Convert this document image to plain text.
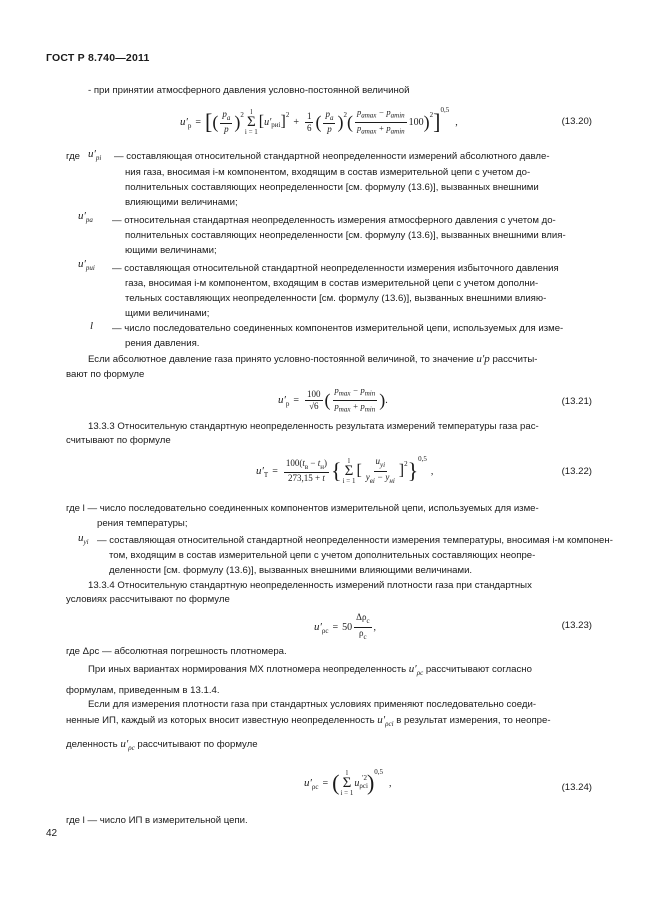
ГОСТ Р 8.740—2011
- при принятии атмосферного давления условно-постоянной величиной
u′ p = [ ( $\frac{p_a}{p} )^2$ l
Σ
i = 1
[ u′ pиi ]$^2$
+ $\frac{1}{6}$ ( $\frac{p_a}{p} )^2$ ( $\frac{p_{amax} - p_{amin}}{p_{amax} + p_{amin}} 100$ )$^2$ ]$^{0,5}$
,	(13.20)
где $u'_{pi}$ — составляющая относительной стандартной неопределенности измерений абсолютного давле-
ния газа, вносимая i-м компонентом, входящим в состав измерительной цепи с учетом до-
полнительных составляющих неопределенности [см. формулу (13.6)], вызванных внешними
влияющими величинами;
$u'_{pa}$ — относительная стандартная неопределенность измерения атмосферного давления с учетом до-
полнительных составляющих неопределенности [см. формулу (13.6)], вызванных внешними влия-
ющими величинами;
$u'_{pиi}$ — составляющая относительной стандартной неопределенности измерения избыточного давления
газа, вносимая i-м компонентом, входящим в состав измерительной цепи с учетом дополни-
тельных составляющих неопределенности [см. формулу (13.6)], вызванных внешними влияю-
щими величинами;
l — число последовательно соединенных компонентов измерительной цепи, используемых для изме-
рения давления.
Если абсолютное давление газа принято условно-постоянной величиной, то значение u′p рассчиты-
вают по формуле
u′ $p = \frac{100}{√6}$ ( $\frac{p_{max} - p_{min}}{p_{max} + p_{min}}$ ) .	(13.21)
13.3.3 Относительную стандартную неопределенность результата измерений температуры газа рас-
считывают по формуле
u′ $T = \frac{100(t_в - t_н)}{273,15 + t}$ { l
Σ
i = 1
[ $\frac{u_{yi}}{y_{вi} - y_{нi}} ]^2$ }$^{0,5}$
,	(13.22)
где l — число последовательно соединенных компонентов измерительной цепи, используемых для изме-
рения температуры;
$u_{yi}$ — составляющая относительной стандартной неопределенности измерения температуры, вносимая i-м компонен-
том, входящим в состав измерительной цепи с учетом дополнительных составляющих неопре-
деленности [см. формулу (13.6)], вызванных внешними влияющими величинами.
13.3.4 Относительную стандартную неопределенность измерений плотности газа при стандартных
условиях рассчитывают по формуле
u′ $\rho c = 50 \frac{\Delta\rho_c}{\rho_c}$ ,	(13.23)
где Δρc — абсолютная погрешность плотномера.
При иных вариантах нормирования МХ плотномера неопределенность $u'_{\rho c}$ рассчитывают согласно
формулам, приведенным в 13.1.4.
Если для измерения плотности газа при стандартных условиях применяют последовательно соеди-
ненные ИП, каждый из которых вносит известную неопределенность $u'_{\rho ci}$ в результат измерения, то неопре-
деленность $u'_{\rho c}$ рассчитывают по формуле
u′ ρc = ( l
Σ
i = 1
u ρci
′2 )$^{0,5}$
,	(13.24)
где l — число ИП в измерительной цепи.
42
